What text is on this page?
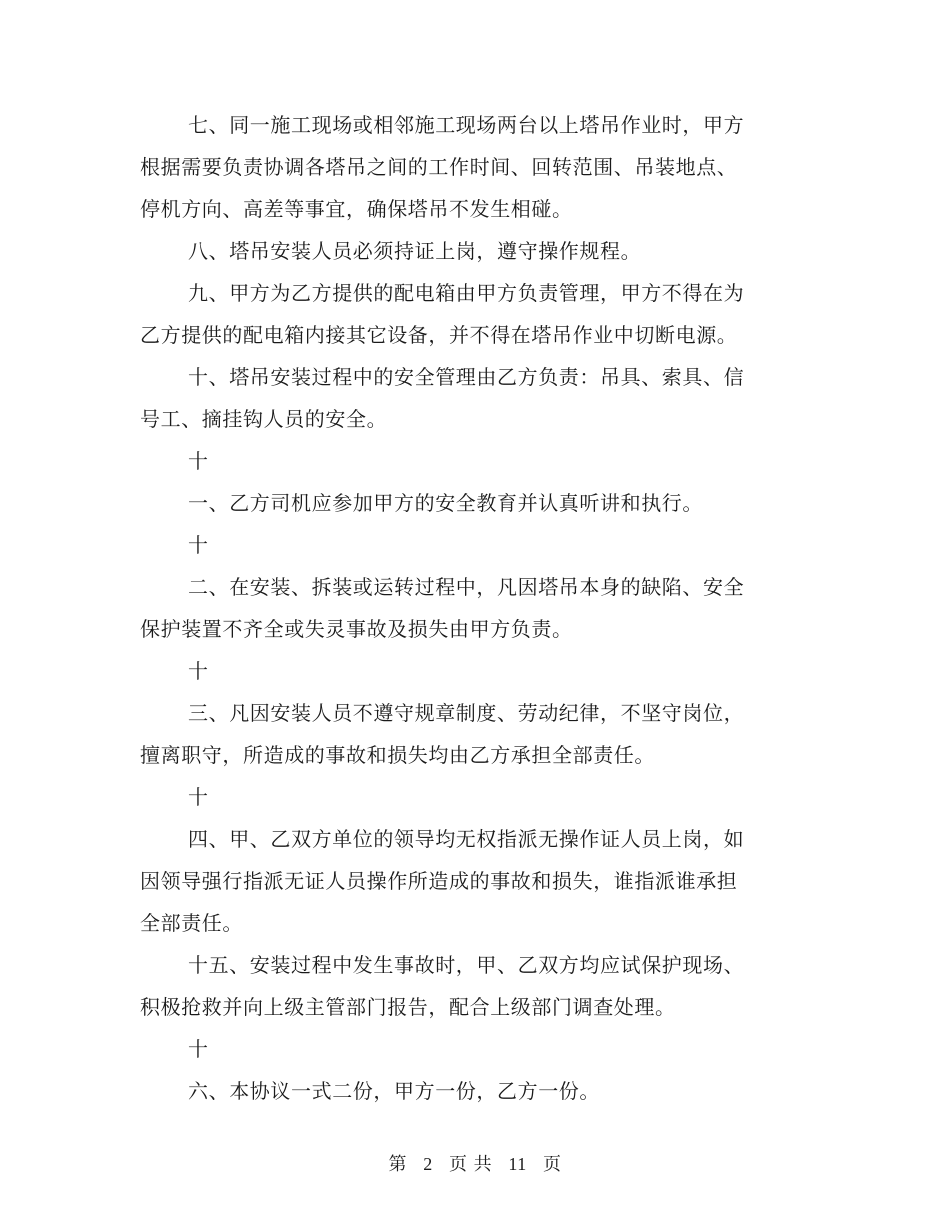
七、同一施工现场或相邻施工现场两台以上塔吊作业时，甲方根据需要负责协调各塔吊之间的工作时间、回转范围、吊装地点、停机方向、高差等事宜，确保塔吊不发生相碰。

八、塔吊安装人员必须持证上岗，遵守操作规程。

九、甲方为乙方提供的配电箱由甲方负责管理，甲方不得在为乙方提供的配电箱内接其它设备，并不得在塔吊作业中切断电源。

十、塔吊安装过程中的安全管理由乙方负责：吊具、索具、信号工、摘挂钩人员的安全。

十

一、乙方司机应参加甲方的安全教育并认真听讲和执行。

十

二、在安装、拆装或运转过程中，凡因塔吊本身的缺陷、安全保护装置不齐全或失灵事故及损失由甲方负责。

十

三、凡因安装人员不遵守规章制度、劳动纪律，不坚守岗位，擅离职守，所造成的事故和损失均由乙方承担全部责任。

十

四、甲、乙双方单位的领导均无权指派无操作证人员上岗，如因领导强行指派无证人员操作所造成的事故和损失，谁指派谁承担全部责任。

十五、安装过程中发生事故时，甲、乙双方均应试保护现场、积极抢救并向上级主管部门报告，配合上级部门调查处理。

十

六、本协议一式二份，甲方一份，乙方一份。

第 2 页 共 11 页
